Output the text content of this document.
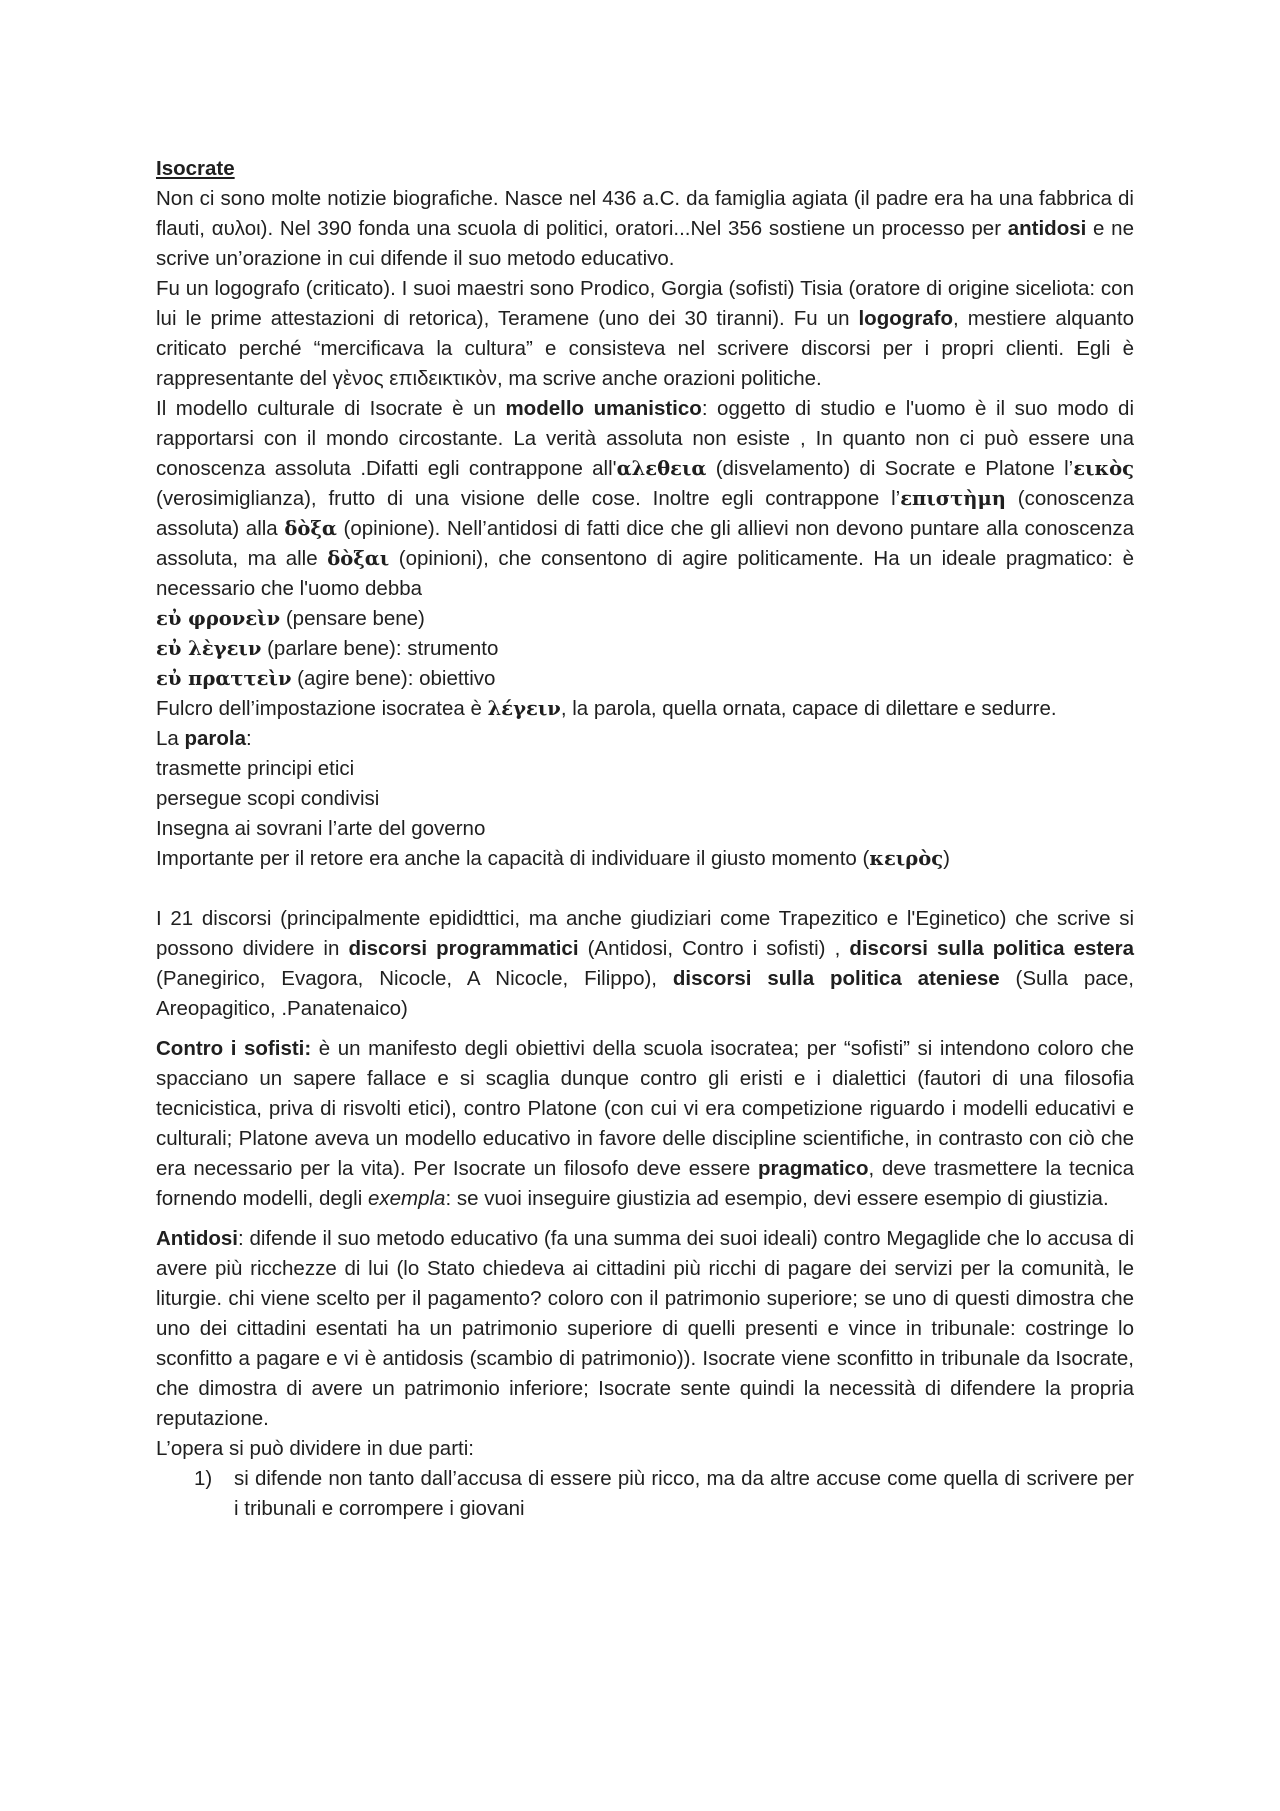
Isocrate

Non ci sono molte notizie biografiche. Nasce nel 436 a.C. da famiglia agiata (il padre era ha una fabbrica di flauti, αυλοι). Nel 390 fonda una scuola di politici, oratori...Nel 356 sostiene un processo per antidosi e ne scrive un’orazione in cui difende il suo metodo educativo.

Fu un logografo (criticato). I suoi maestri sono Prodico, Gorgia (sofisti) Tisia (oratore di origine siceliota: con lui le prime attestazioni di retorica), Teramene (uno dei 30 tiranni). Fu un logografo, mestiere alquanto criticato perché “mercificava la cultura” e consisteva nel scrivere discorsi per i propri clienti. Egli è rappresentante del γὲνος επιδεικτικὸν, ma scrive anche orazioni politiche.

Il modello culturale di Isocrate è un modello umanistico: oggetto di studio e l'uomo è il suo modo di rapportarsi con il mondo circostante. La verità assoluta non esiste , In quanto non ci può essere una conoscenza assoluta .Difatti egli contrappone all'αλεθεια (disvelamento) di Socrate e Platone l’εικὸς (verosimiglianza), frutto di una visione delle cose. Inoltre egli contrappone l’επιστὴμη (conoscenza assoluta) alla δὸξα (opinione). Nell’antidosi di fatti dice che gli allievi non devono puntare alla conoscenza assoluta, ma alle δὸξαι (opinioni), che consentono di agire politicamente. Ha un ideale pragmatico: è necessario che l'uomo debba

εὐ φρονεὶν (pensare bene)

εὐ λὲγειν (parlare bene): strumento

εὐ πραττεὶν (agire bene): obiettivo

Fulcro dell’impostazione isocratea è λέγειν, la parola, quella ornata, capace di dilettare e sedurre.

La parola:

trasmette principi etici

persegue scopi condivisi

Insegna ai sovrani l’arte del governo

Importante per il retore era anche la capacità di individuare il giusto momento (κειρὸς)

I 21 discorsi (principalmente epididttici, ma anche giudiziari come Trapezitico e l'Eginetico) che scrive si possono dividere in discorsi programmatici (Antidosi, Contro i sofisti) , discorsi sulla politica estera (Panegirico, Evagora, Nicocle, A Nicocle, Filippo), discorsi sulla politica ateniese (Sulla pace, Areopagitico, .Panatenaico)

Contro i sofisti: è un manifesto degli obiettivi della scuola isocratea; per “sofisti” si intendono coloro che spacciano un sapere fallace e si scaglia dunque contro gli eristi e i dialettici (fautori di una filosofia tecnicistica, priva di risvolti etici), contro Platone (con cui vi era competizione riguardo i modelli educativi e culturali; Platone aveva un modello educativo in favore delle discipline scientifiche, in contrasto con ciò che era necessario per la vita). Per Isocrate un filosofo deve essere pragmatico, deve trasmettere la tecnica fornendo modelli, degli exempla: se vuoi inseguire giustizia ad esempio, devi essere esempio di giustizia.

Antidosi: difende il suo metodo educativo (fa una summa dei suoi ideali) contro Megaglide che lo accusa di avere più ricchezze di lui (lo Stato chiedeva ai cittadini più ricchi di pagare dei servizi per la comunità, le liturgie. chi viene scelto per il pagamento? coloro con il patrimonio superiore; se uno di questi dimostra che uno dei cittadini esentati ha un patrimonio superiore di quelli presenti e vince in tribunale: costringe lo sconfitto a pagare e vi è antidosis (scambio di patrimonio)). Isocrate viene sconfitto in tribunale da Isocrate, che dimostra di avere un patrimonio inferiore; Isocrate sente quindi la necessità di difendere la propria reputazione.

L’opera si può dividere in due parti:

1) si difende non tanto dall’accusa di essere più ricco, ma da altre accuse come quella di scrivere per i tribunali e corrompere i giovani
